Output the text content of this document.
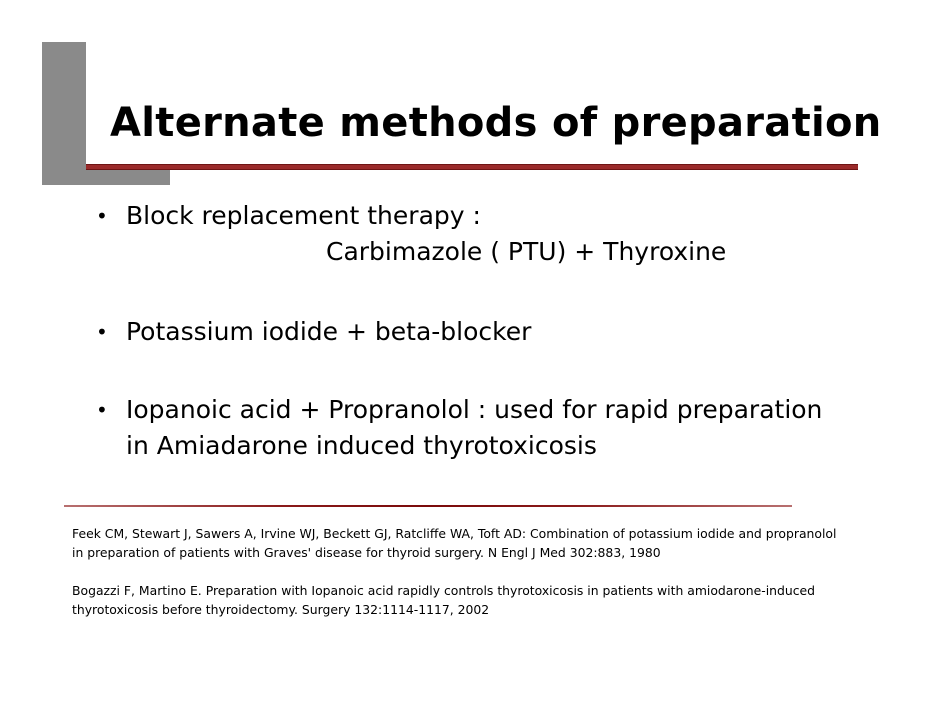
Alternate methods of preparation
• Block replacement therapy :
Carbimazole ( PTU) + Thyroxine
• Potassium iodide + beta-blocker
• Iopanoic acid + Propranolol : used for rapid preparation
in Amiadarone induced thyrotoxicosis
Feek CM, Stewart J, Sawers A, Irvine WJ, Beckett GJ, Ratcliffe WA, Toft AD: Combination of potassium iodide and propranolol
in preparation of patients with Graves' disease for thyroid surgery. N Engl J Med 302:883, 1980
Bogazzi F, Martino E. Preparation with Iopanoic acid rapidly controls thyrotoxicosis in patients with amiodarone-induced
thyrotoxicosis before thyroidectomy. Surgery 132:1114-1117, 2002
